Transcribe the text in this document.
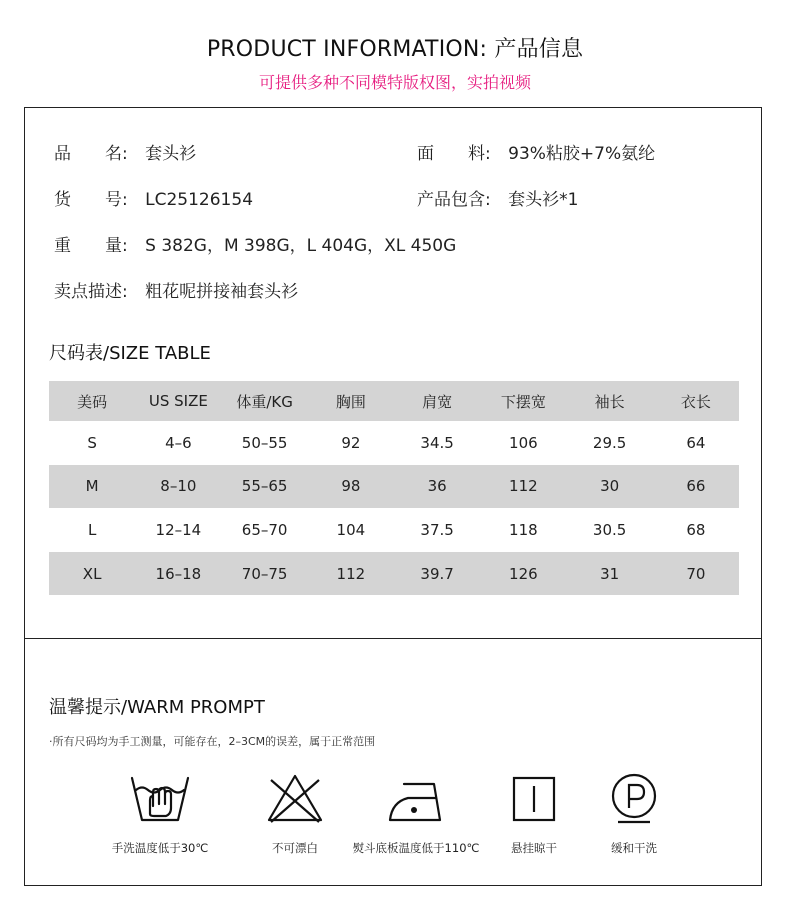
PRODUCT INFORMATION: 产品信息
可提供多种不同模特版权图，实拍视频
品　　名: 套头衫	面　　料: 93%粘胶+7%氨纶
货　　号: LC25126154	产品包含: 套头衫*1
重　　量: S 382G，M 398G，L 404G，XL 450G
卖点描述: 粗花呢拼接袖套头衫
尺码表/SIZE TABLE
美码	US SIZE	体重/KG	胸围	肩宽	下摆宽	袖长	衣长
S	4–6	50–55	92	34.5	106	29.5	64
M	8–10	55–65	98	36	112	30	66
L	12–14	65–70	104	37.5	118	30.5	68
XL	16–18	70–75	112	39.7	126	31	70
温馨提示/WARM PROMPT
·所有尺码均为手工测量，可能存在，2–3CM的误差，属于正常范围
手洗温度低于30℃	不可漂白	熨斗底板温度低于110℃	悬挂晾干	缓和干洗
